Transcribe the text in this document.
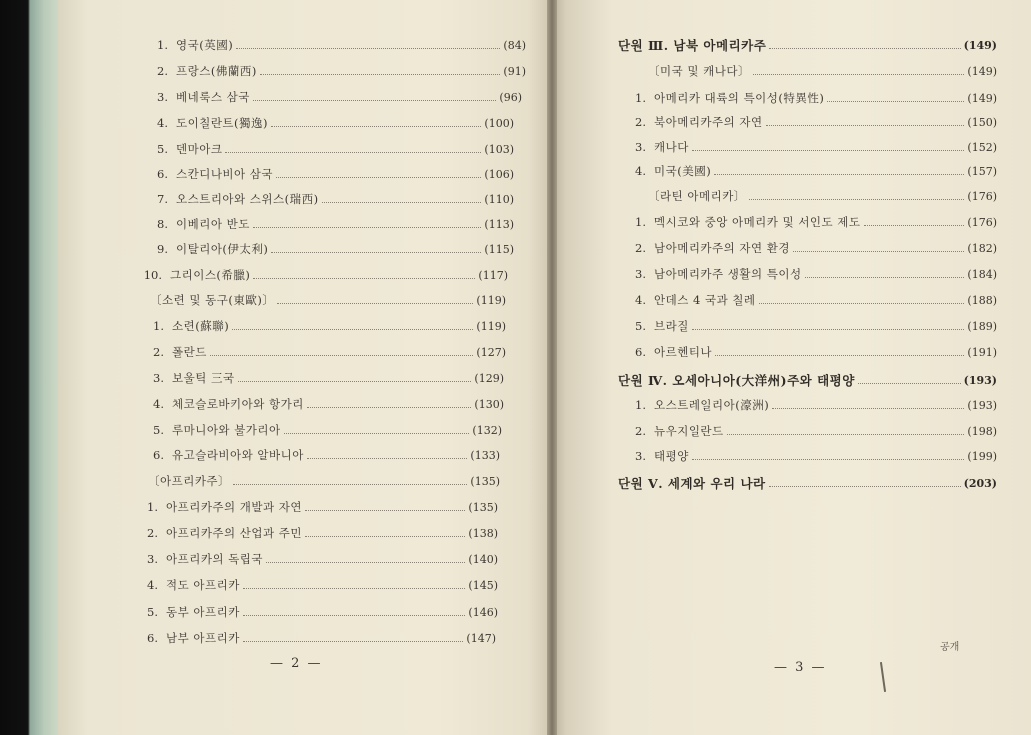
1. 영국(英國)	(84)
2. 프랑스(佛蘭西)	(91)
3. 베네룩스 삼국	(96)
4. 도이칠란트(獨逸)	(100)
5. 덴마아크	(103)
6. 스칸디나비아 삼국	(106)
7. 오스트리아와 스위스(瑞西)	(110)
8. 이베리아 반도	(113)
9. 이탈리아(伊太利)	(115)
10. 그리이스(希臘)	(117)
〔소련 및 동구(東歐)〕	(119)
1. 소련(蘇聯)	(119)
2. 폴란드	(127)
3. 보울틱 三국	(129)
4. 체코슬로바키아와 항가리	(130)
5. 루마니아와 불가리아	(132)
6. 유고슬라비아와 알바니아	(133)
〔아프리카주〕	(135)
1. 아프리카주의 개발과 자연	(135)
2. 아프리카주의 산업과 주민	(138)
3. 아프리카의 독립국	(140)
4. 적도 아프리카	(145)
5. 동부 아프리카	(146)
6. 남부 아프리카	(147)
— 2 —
단원 Ⅲ. 남북 아메리카주	(149)
〔미국 및 캐나다〕	(149)
1. 아메리카 대륙의 특이성(特異性)	(149)
2. 북아메리카주의 자연	(150)
3. 캐나다	(152)
4. 미국(美國)	(157)
〔라틴 아메리카〕	(176)
1. 멕시코와 중앙 아메리카 및 서인도 제도	(176)
2. 남아메리카주의 자연 환경	(182)
3. 남아메리카주 생활의 특이성	(184)
4. 안데스 4 국과 칠레	(188)
5. 브라질	(189)
6. 아르헨티나	(191)
단원 Ⅳ. 오세아니아(大洋州)주와 태평양	(193)
1. 오스트레일리아(濠洲)	(193)
2. 뉴우지일란드	(198)
3. 태평양	(199)
단원 Ⅴ. 세계와 우리 나라	(203)
— 3 —
공개
